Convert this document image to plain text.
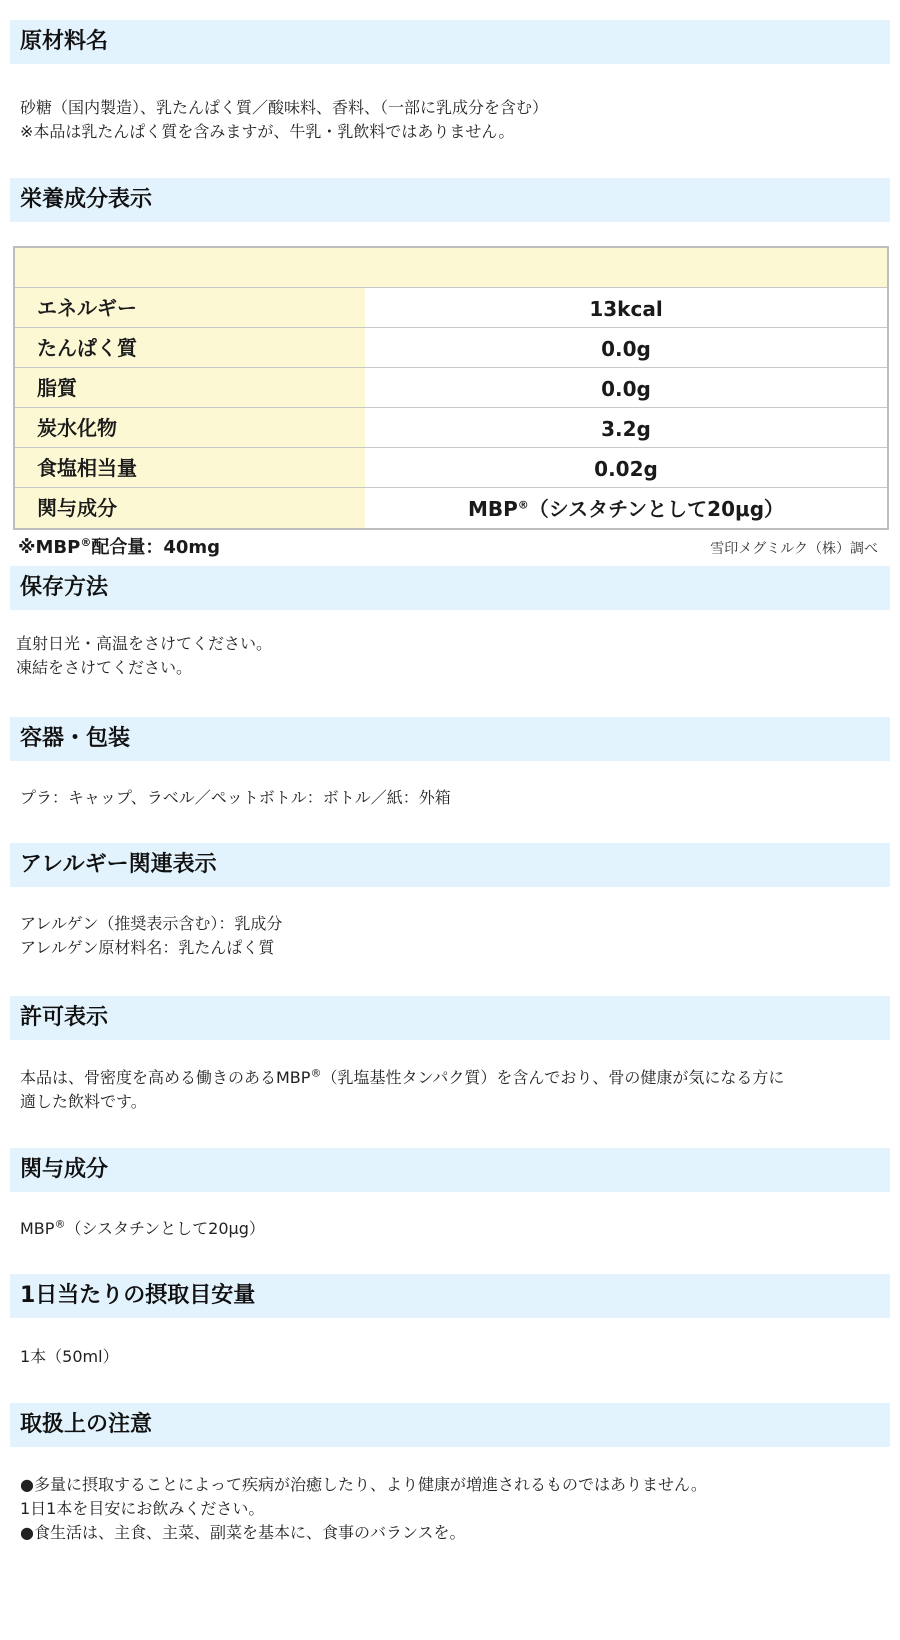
原材料名
砂糖（国内製造）、乳たんぱく質／酸味料、香料、（一部に乳成分を含む）
※本品は乳たんぱく質を含みますが、牛乳・乳飲料ではありません。
栄養成分表示
エネルギー	13kcal
たんぱく質	0.0g
脂質	0.0g
炭水化物	3.2g
食塩相当量	0.02g
関与成分	MBP®（シスタチンとして20μg）
※MBP®配合量：40mg	雪印メグミルク（株）調べ
保存方法
直射日光・高温をさけてください。
凍結をさけてください。
容器・包装
プラ：キャップ、ラベル／ペットボトル：ボトル／紙：外箱
アレルギー関連表示
アレルゲン（推奨表示含む）：乳成分
アレルゲン原材料名：乳たんぱく質
許可表示
本品は、骨密度を高める働きのあるMBP®（乳塩基性タンパク質）を含んでおり、骨の健康が気になる方に
適した飲料です。
関与成分
MBP®（シスタチンとして20μg）
1日当たりの摂取目安量
1本（50ml）
取扱上の注意
●多量に摂取することによって疾病が治癒したり、より健康が増進されるものではありません。
1日1本を目安にお飲みください。
●食生活は、主食、主菜、副菜を基本に、食事のバランスを。
